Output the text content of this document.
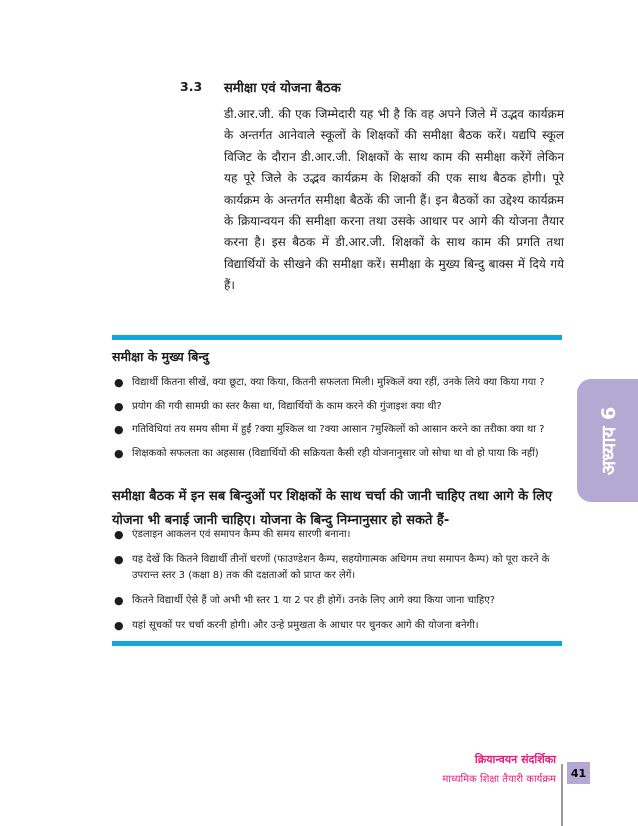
3.3 समीक्षा एवं योजना बैठक

डी.आर.जी. की एक जिम्मेदारी यह भी है कि वह अपने जिले में उद्भव कार्यक्रम के अन्तर्गत आनेवाले स्कूलों के शिक्षकों की समीक्षा बैठक करें। यद्यपि स्कूल विजिट के दौरान डी.आर.जी. शिक्षकों के साथ काम की समीक्षा करेंगें लेकिन यह पूरे जिले के उद्भव कार्यक्रम के शिक्षकों की एक साथ बैठक होगी। पूरे कार्यक्रम के अन्तर्गत समीक्षा बैठकें की जानी हैं। इन बैठकों का उद्देश्य कार्यक्रम के क्रियान्वयन की समीक्षा करना तथा उसके आधार पर आगे की योजना तैयार करना है। इस बैठक में डी.आर.जी. शिक्षकों के साथ काम की प्रगति तथा विद्यार्थियों के सीखने की समीक्षा करें। समीक्षा के मुख्य बिन्दु बाक्स में दिये गये हैं।

समीक्षा के मुख्य बिन्दु
● विद्यार्थी कितना सीखें, क्या छूटा, क्या किया, कितनी सफलता मिली। मुश्किलें क्या रहीं, उनके लिये क्या किया गया ?
● प्रयोग की गयी सामग्री का स्तर कैसा था, विद्यार्थियों के काम करने की गुंजाइश क्या थी?
● गतिविधियां तय समय सीमा में हुईं ?क्या मुश्किल था ?क्या आसान ?मुश्किलों को आसान करने का तरीका क्या था ?
● शिक्षकको सफलता का अहसास (विद्यार्थियों की सक्रियता कैसी रही योजनानुसार जो सोचा था वो हो पाया कि नहीं)

समीक्षा बैठक में इन सब बिन्दुओं पर शिक्षकों के साथ चर्चा की जानी चाहिए तथा आगे के लिए योजना भी बनाई जानी चाहिए। योजना के बिन्दु निम्नानुसार हो सकते हैं-

● एंडलाइन आकलन एवं समापन कैम्प की समय सारणी बनाना।
● यह देखें कि कितने विद्यार्थी तीनों चरणों (फाउण्डेशन कैम्प, सहयोगात्मक अधिगम तथा समापन कैम्प) को पूरा करने के उपरान्त स्तर 3 (कक्षा 8) तक की दक्षताओं को प्राप्त कर लेगें।
● कितने विद्यार्थी ऐसे हैं जो अभी भी स्तर 1 या 2 पर ही होगें। उनके लिए आगे क्या किया जाना चाहिए?
● यहां सूचकों पर चर्चा करनी होगी। और उन्हे प्रमुखता के आधार पर चुनकर आगे की योजना बनेगी।
अध्याय 6
क्रियान्वयन संदर्शिका
माध्यमिक शिक्षा तैयारी कार्यक्रम	41
